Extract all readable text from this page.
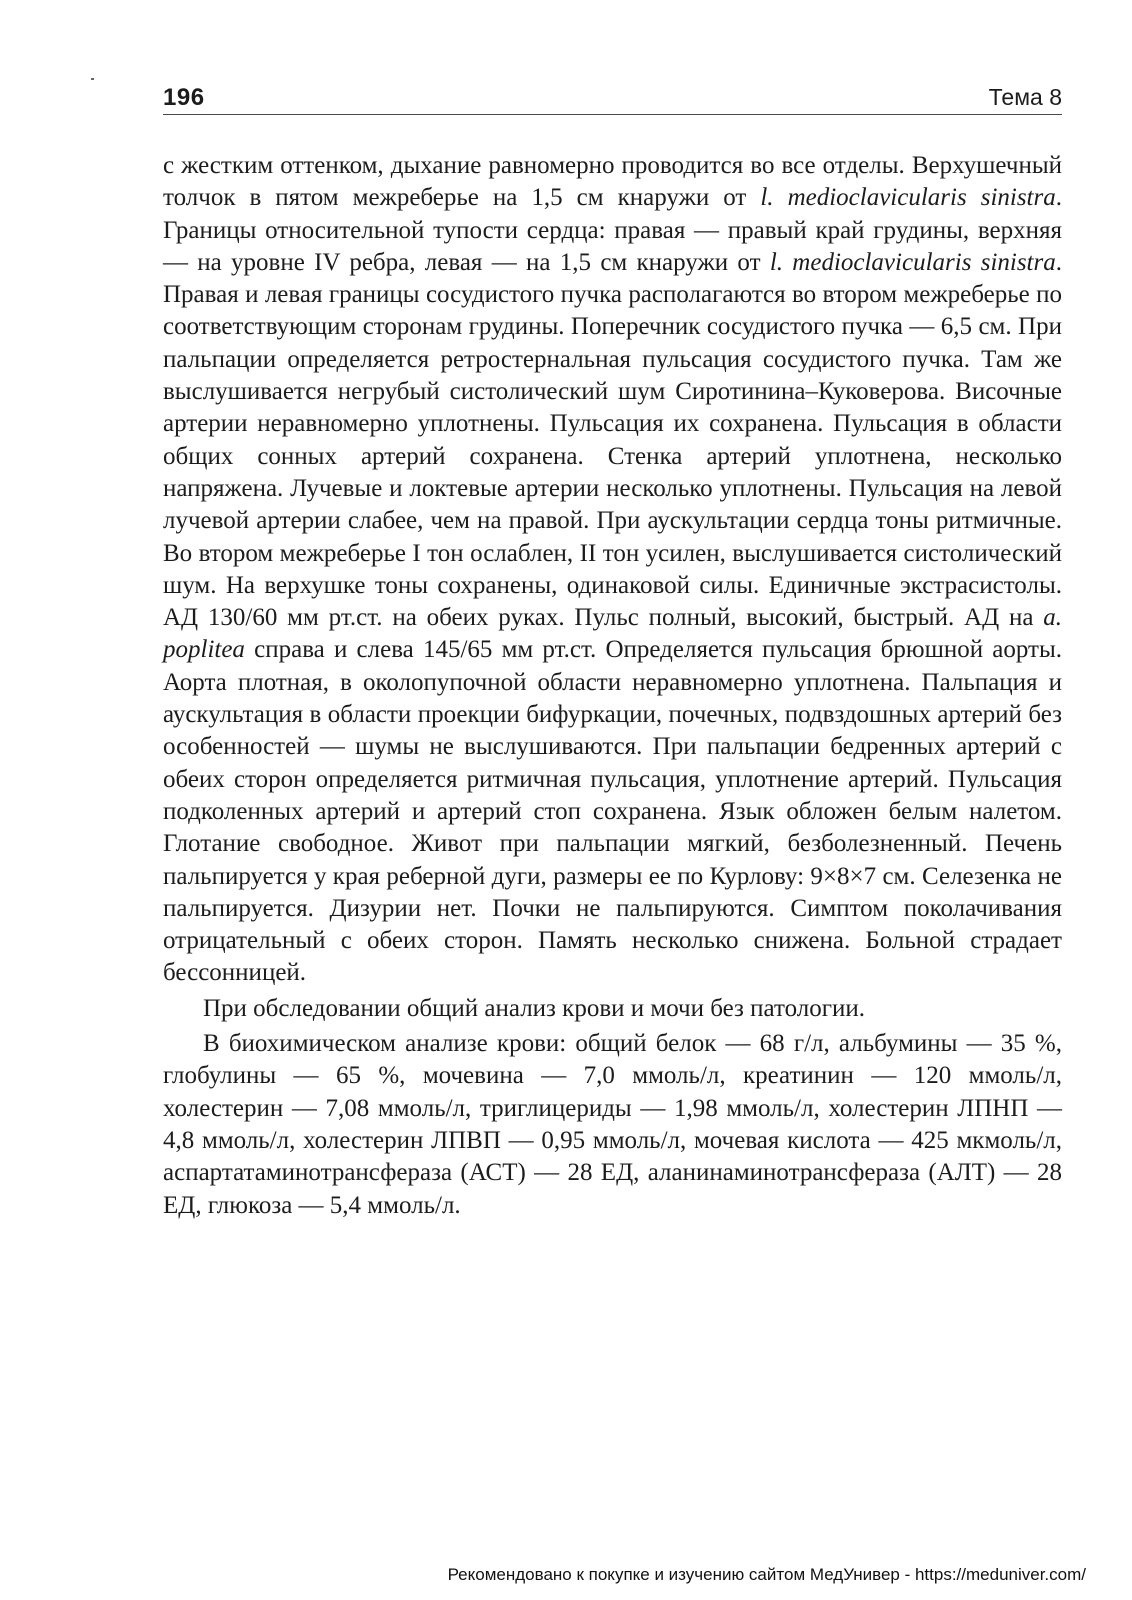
196	Тема 8

с жестким оттенком, дыхание равномерно проводится во все отделы. Верхушечный толчок в пятом межреберье на 1,5 см кнаружи от l. medioclavicularis sinistra. Границы относительной тупости сердца: правая — правый край грудины, верхняя — на уровне IV ребра, левая — на 1,5 см кнаружи от l. medioclavicularis sinistra. Правая и левая границы сосудистого пучка располагаются во втором межреберье по соответствующим сторонам грудины. Поперечник сосудистого пучка — 6,5 см. При пальпации определяется ретростернальная пульсация сосудистого пучка. Там же выслушивается негрубый систолический шум Сиротинина–Куковерова. Височные артерии неравномерно уплотнены. Пульсация их сохранена. Пульсация в области общих сонных артерий сохранена. Стенка артерий уплотнена, несколько напряжена. Лучевые и локтевые артерии несколько уплотнены. Пульсация на левой лучевой артерии слабее, чем на правой. При аускультации сердца тоны ритмичные. Во втором межреберье I тон ослаблен, II тон усилен, выслушивается систолический шум. На верхушке тоны сохранены, одинаковой силы. Единичные экстрасистолы. АД 130/60 мм рт.ст. на обеих руках. Пульс полный, высокий, быстрый. АД на a. poplitea справа и слева 145/65 мм рт.ст. Определяется пульсация брюшной аорты. Аорта плотная, в околопупочной области неравномерно уплотнена. Пальпация и аускультация в области проекции бифуркации, почечных, подвздошных артерий без особенностей — шумы не выслушиваются. При пальпации бедренных артерий с обеих сторон определяется ритмичная пульсация, уплотнение артерий. Пульсация подколенных артерий и артерий стоп сохранена. Язык обложен белым налетом. Глотание свободное. Живот при пальпации мягкий, безболезненный. Печень пальпируется у края реберной дуги, размеры ее по Курлову: 9×8×7 см. Селезенка не пальпируется. Дизурии нет. Почки не пальпируются. Симптом поколачивания отрицательный с обеих сторон. Память несколько снижена. Больной страдает бессонницей.

При обследовании общий анализ крови и мочи без патологии.

В биохимическом анализе крови: общий белок — 68 г/л, альбумины — 35 %, глобулины — 65 %, мочевина — 7,0 ммоль/л, креатинин — 120 ммоль/л, холестерин — 7,08 ммоль/л, триглицериды — 1,98 ммоль/л, холестерин ЛПНП — 4,8 ммоль/л, холестерин ЛПВП — 0,95 ммоль/л, мочевая кислота — 425 мкмоль/л, аспартатаминотрансфераза (АСТ) — 28 ЕД, аланинаминотрансфераза (АЛТ) — 28 ЕД, глюкоза — 5,4 ммоль/л.

Рекомендовано к покупке и изучению сайтом МедУнивер - https://meduniver.com/
